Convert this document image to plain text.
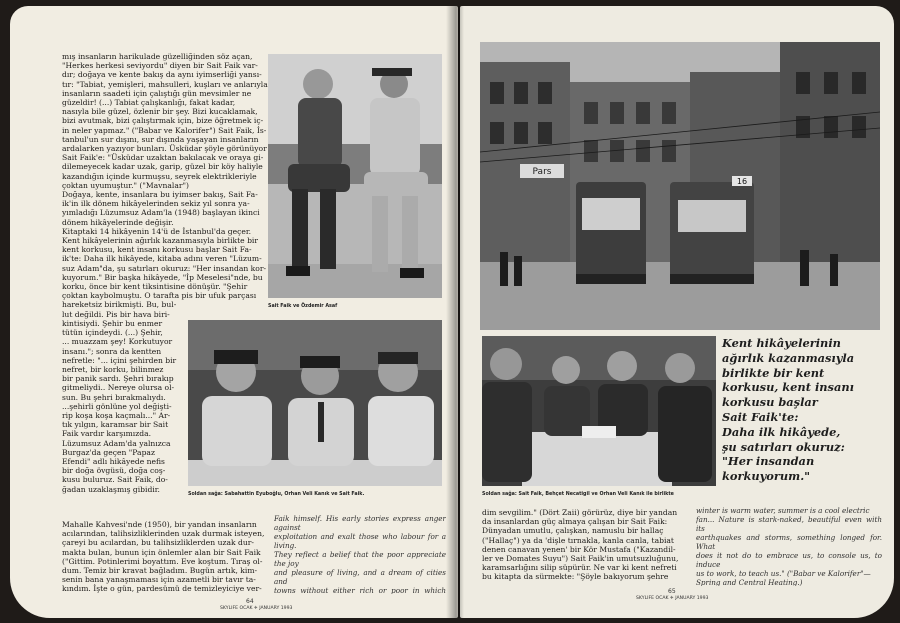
mış insanların harikulade güzelliğinden söz açan,
"Herkes herkesi seviyordu" diyen bir Sait Faik var-
dır; doğaya ve kente bakış da aynı iyimserliği yansı-
tır: "Tabiat, yemişleri, mahsulleri, kuşları ve anlarıyla
insanların saadeti için çalıştığı gün mevsimler ne
güzeldir! (...) Tabiat çalışkanlığı, fakat kadar,
nasıyla bile güzel, özlenir bir şey. Bizi kucaklamak,
bizi avutmak, bizi çalıştırmak için, bize öğretmek iç-
in neler yapmaz." ("Babar ve Kalorifer") Sait Faik, İs-
tanbul'un sur dışını, sur dışında yaşayan insanların
ardalarken yazıyor bunları. Üsküdar şöyle görünüyor
Sait Faik'e: "Üsküdar uzaktan bakılacak ve oraya gi-
dilemeyecek kadar uzak, garip, güzel bir köy haliyle
kazandığın içinde kurmuşsu, seyrek elektrikleriyle
çoktan uyumuştur." ("Mavnalar")
Doğaya, kente, insanlara bu iyimser bakış, Sait Fa-
ik'in ilk dönem hikâyelerinden sekiz yıl sonra ya-
yımladığı Lüzumsuz Adam'la (1948) başlayan ikinci
dönem hikâyelerinde değişir.
Kitaptaki 14 hikâyenin 14'ü de İstanbul'da geçer.
Kent hikâyelerinin ağırlık kazanmasıyla birlikte bir
kent korkusu, kent insanı korkusu başlar Sait Fa-
ik'te: Daha ilk hikâyede, kitaba adını veren "Lüzum-
suz Adam"da, şu satırları okuruz: "Her insandan kor-
kuyorum." Bir başka hikâyede, "İp Meselesi"nde, bu
korku, önce bir kent tiksintisine dönüşür. "Şehir
çoktan kaybolmuştu. O tarafta pis bir ufuk parçası
hareketsiz birikmişti. Bu, bul-
lut değildi. Pis bir hava biri-
kintisiydi. Şehir bu enmer
tütün içindeydi. (...) Şehir,
... muazzam şey! Korkutuyor
insanı."; sonra da kentten
nefretle: "... içini şehirden bir
nefret, bir korku, bilinmez
bir panik sardı. Şehri bırakıp
gitmeliydi.. Nereye olursa ol-
sun. Bu şehri bırakmalıydı.
...şehirli gönlüne yol değişti-
rip koşa koşa kaçmalı..." Ar-
tık yılgın, karamsar bir Sait
Faik vardır karşımızda.
Lüzumsuz Adam'da yalnızca
Burgaz'da geçen "Papaz
Efendi" adlı hikâyede nefis
bir doğa övgüsü, doğa coş-
kusu buluruz. Sait Faik, do-
ğadan uzaklaşmış gibidir.
Sait Faik ve Özdemir Asaf
Soldan sağa: Sabahattin Eyuboğlu, Orhan Veli Kanık ve Sait Faik.
Mahalle Kahvesi'nde (1950), bir yandan insanların
acılarından, talihsizliklerinden uzak durmak isteyen,
çareyi bu acılardan, bu talihsizliklerden uzak dur-
makta bulan, bunun için önlemler alan bir Sait Faik
("Gittim. Potinlerimi boyattım. Eve koştum. Tıraş ol-
dum. Temiz bir kravat bağladım. Bugün artık, kim-
senin bana yanaşmaması için azametli bir tavır ta-
kındım. İşte o gün, pardesümü de temizleyiciye ver-
Faik himself. His early stories express anger against
exploitation and exalt those who labour for a living.
They reflect a belief that the poor appreciate the joy
and pleasure of living, and a dream of cities and
towns without either rich or poor in which

64
SKYLIFE OCAK ✈ JANUARY 1993
Pars
16
Soldan sağa: Sait Faik, Behçet Necatigil ve Orhan Veli Kanık ile birlikte
Kent hikâyelerinin
ağırlık kazanmasıyla
birlikte bir kent
korkusu, kent insanı
korkusu başlar
Sait Faik'te:
Daha ilk hikâyede,
şu satırları okuruz:
"Her insandan
korkuyorum."
dim sevgilim." (Dört Zaii) görürüz, diye bir yandan
da insanlardan güç almaya çalışan bir Sait Faik:
Dünyadan umutlu, çalışkan, namuslu bir hallaç
("Hallaç") ya da 'dişle tırnakla, kanla canla, tabiat
denen canavan yenen' bir Kör Mustafa ("Kazandil-
ler ve Domates Suyu") Sait Faik'in umutsuzluğunu,
karamsarlığını silip süpürür. Ne var ki kent nefreti
bu kitapta da sürmekte: "Şöyle bakıyorum şehre
winter is warm water, summer is a cool electric
fan... Nature is stark-naked, beautiful even with its
earthquakes and storms, something longed for. What
does it not do to embrace us, to console us, to induce
us to work, to teach us." ("Babar ve Kalorifer"—
Spring and Central Heating.)

65
SKYLIFE OCAK ✈ JANUARY 1993
